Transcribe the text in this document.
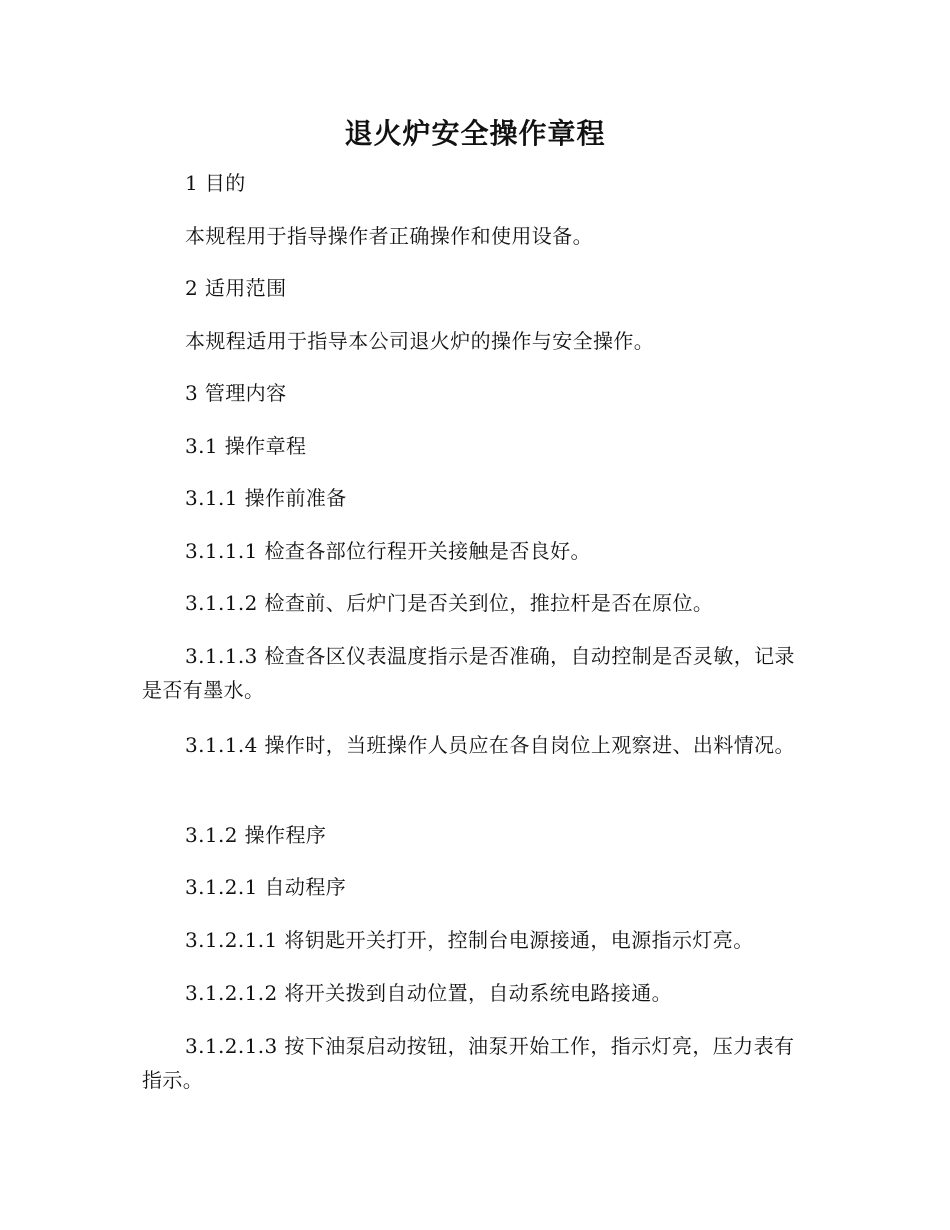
退火炉安全操作章程

1 目的

本规程用于指导操作者正确操作和使用设备。

2 适用范围

本规程适用于指导本公司退火炉的操作与安全操作。

3 管理内容

3.1 操作章程

3.1.1 操作前准备

3.1.1.1 检查各部位行程开关接触是否良好。

3.1.1.2 检查前、后炉门是否关到位，推拉杆是否在原位。

3.1.1.3 检查各区仪表温度指示是否准确，自动控制是否灵敏，记录是否有墨水。

3.1.1.4 操作时，当班操作人员应在各自岗位上观察进、出料情况。

3.1.2 操作程序

3.1.2.1 自动程序

3.1.2.1.1 将钥匙开关打开，控制台电源接通，电源指示灯亮。

3.1.2.1.2 将开关拨到自动位置，自动系统电路接通。

3.1.2.1.3 按下油泵启动按钮，油泵开始工作，指示灯亮，压力表有指示。
